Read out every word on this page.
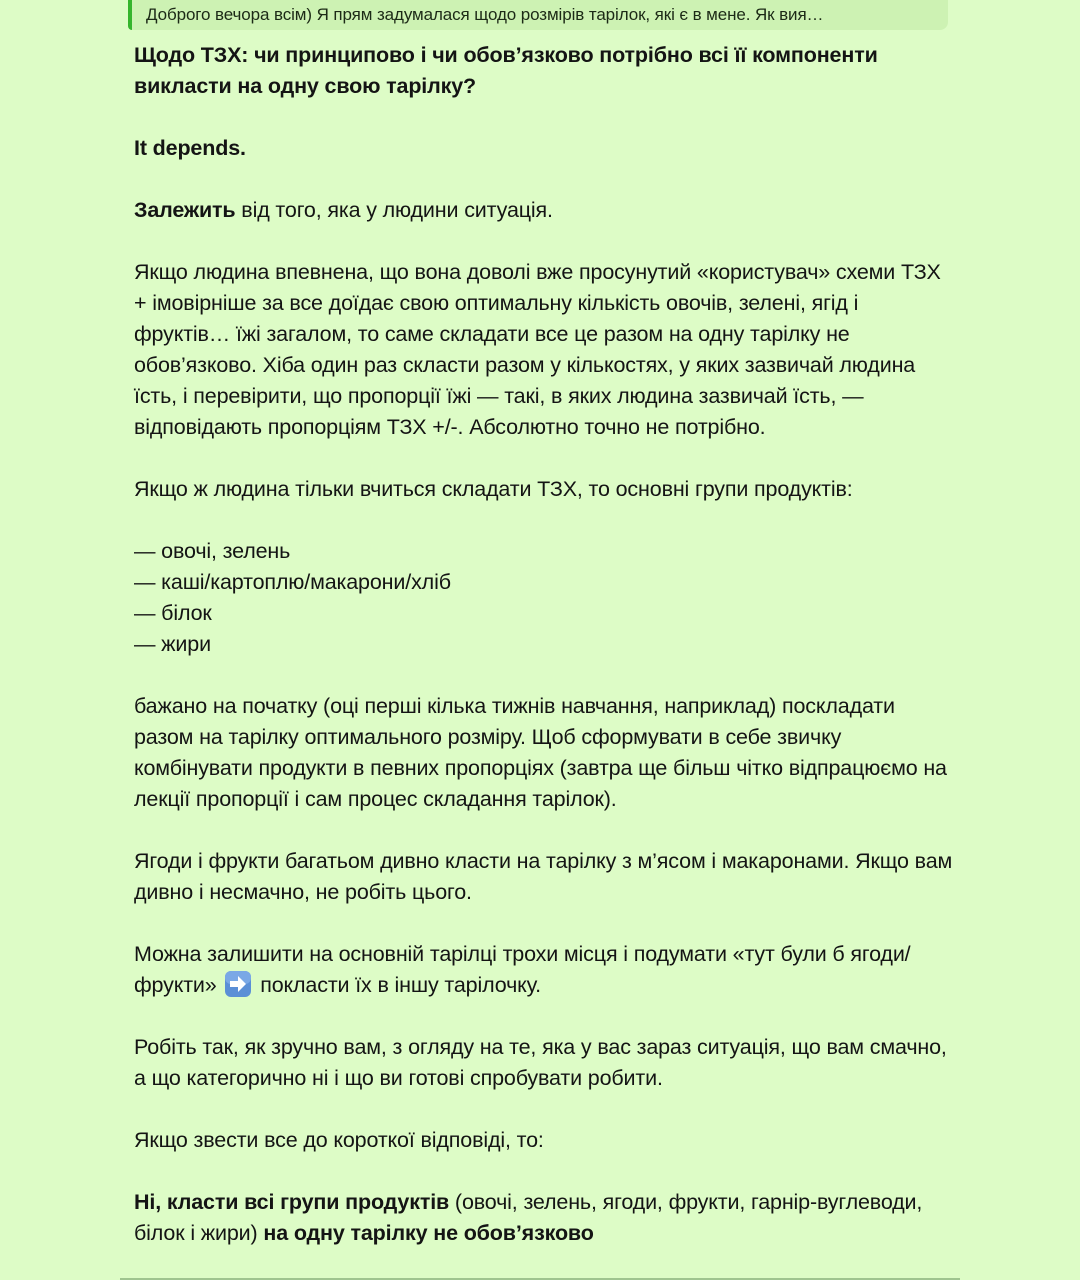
Доброго вечора всім) Я прям задумалася щодо розмірів тарілок, які є в мене. Як вия…

Щодо ТЗХ: чи принципово і чи обов’язково потрібно всі її компоненти викласти на одну свою тарілку?

It depends.

Залежить від того, яка у людини ситуація.

Якщо людина впевнена, що вона доволі вже просунутий «користувач» схеми ТЗХ + імовірніше за все доїдає свою оптимальну кількість овочів, зелені, ягід і фруктів… їжі загалом, то саме складати все це разом на одну тарілку не обов’язково. Хіба один раз скласти разом у кількостях, у яких зазвичай людина їсть, і перевірити, що пропорції їжі — такі, в яких людина зазвичай їсть, — відповідають пропорціям ТЗХ +/-. Абсолютно точно не потрібно.

Якщо ж людина тільки вчиться складати ТЗХ, то основні групи продуктів:

— овочі, зелень
— каші/картоплю/макарони/хліб
— білок
— жири

бажано на початку (оці перші кілька тижнів навчання, наприклад) поскладати разом на тарілку оптимального розміру. Щоб сформувати в себе звичку комбінувати продукти в певних пропорціях (завтра ще більш чітко відпрацюємо на лекції пропорції і сам процес складання тарілок).

Ягоди і фрукти багатьом дивно класти на тарілку з м’ясом і макаронами. Якщо вам дивно і несмачно, не робіть цього.

Можна залишити на основній тарілці трохи місця і подумати «тут були б ягоди/фрукти»  покласти їх в іншу тарілочку.

Робіть так, як зручно вам, з огляду на те, яка у вас зараз ситуація, що вам смачно, а що категорично ні і що ви готові спробувати робити.

Якщо звести все до короткої відповіді, то:

Ні, класти всі групи продуктів (овочі, зелень, ягоди, фрукти, гарнір-вуглеводи, білок і жири) на одну тарілку не обов’язково
